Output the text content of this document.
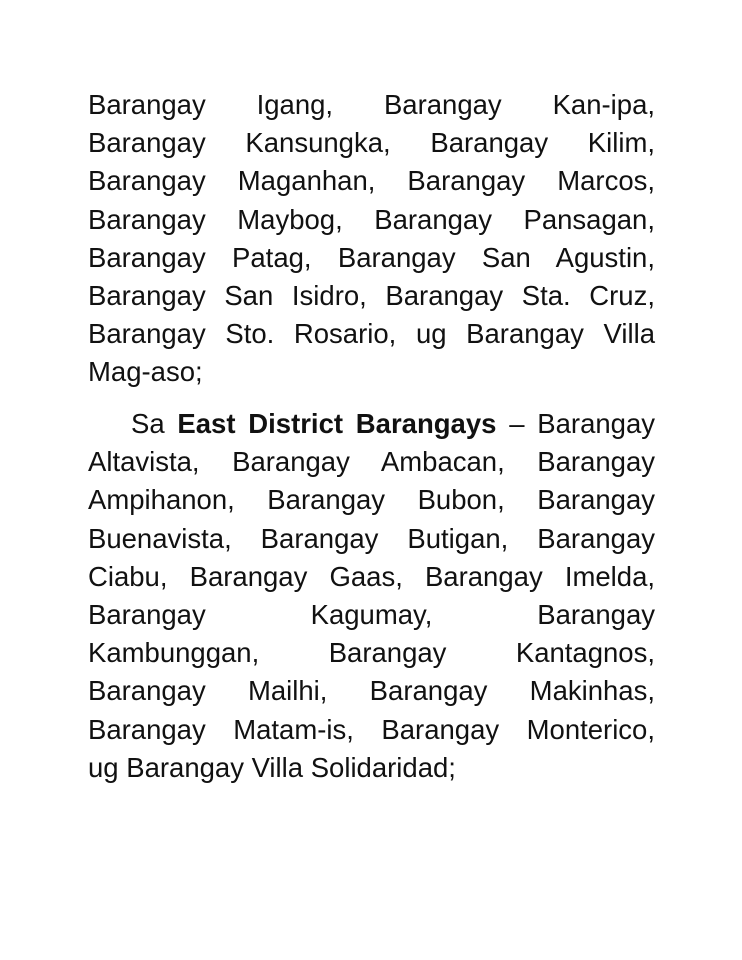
Barangay Igang, Barangay Kan-ipa,
Barangay Kansungka, Barangay Kilim,
Barangay Maganhan, Barangay Marcos,
Barangay Maybog, Barangay Pansagan,
Barangay Patag, Barangay San Agustin,
Barangay San Isidro, Barangay Sta. Cruz,
Barangay Sto. Rosario, ug Barangay Villa
Mag-aso;
Sa East District Barangays – Barangay
Altavista, Barangay Ambacan, Barangay
Ampihanon, Barangay Bubon, Barangay
Buenavista, Barangay Butigan, Barangay
Ciabu, Barangay Gaas, Barangay Imelda,
Barangay Kagumay, Barangay
Kambunggan, Barangay Kantagnos,
Barangay Mailhi, Barangay Makinhas,
Barangay Matam-is, Barangay Monterico,
ug Barangay Villa Solidaridad;
